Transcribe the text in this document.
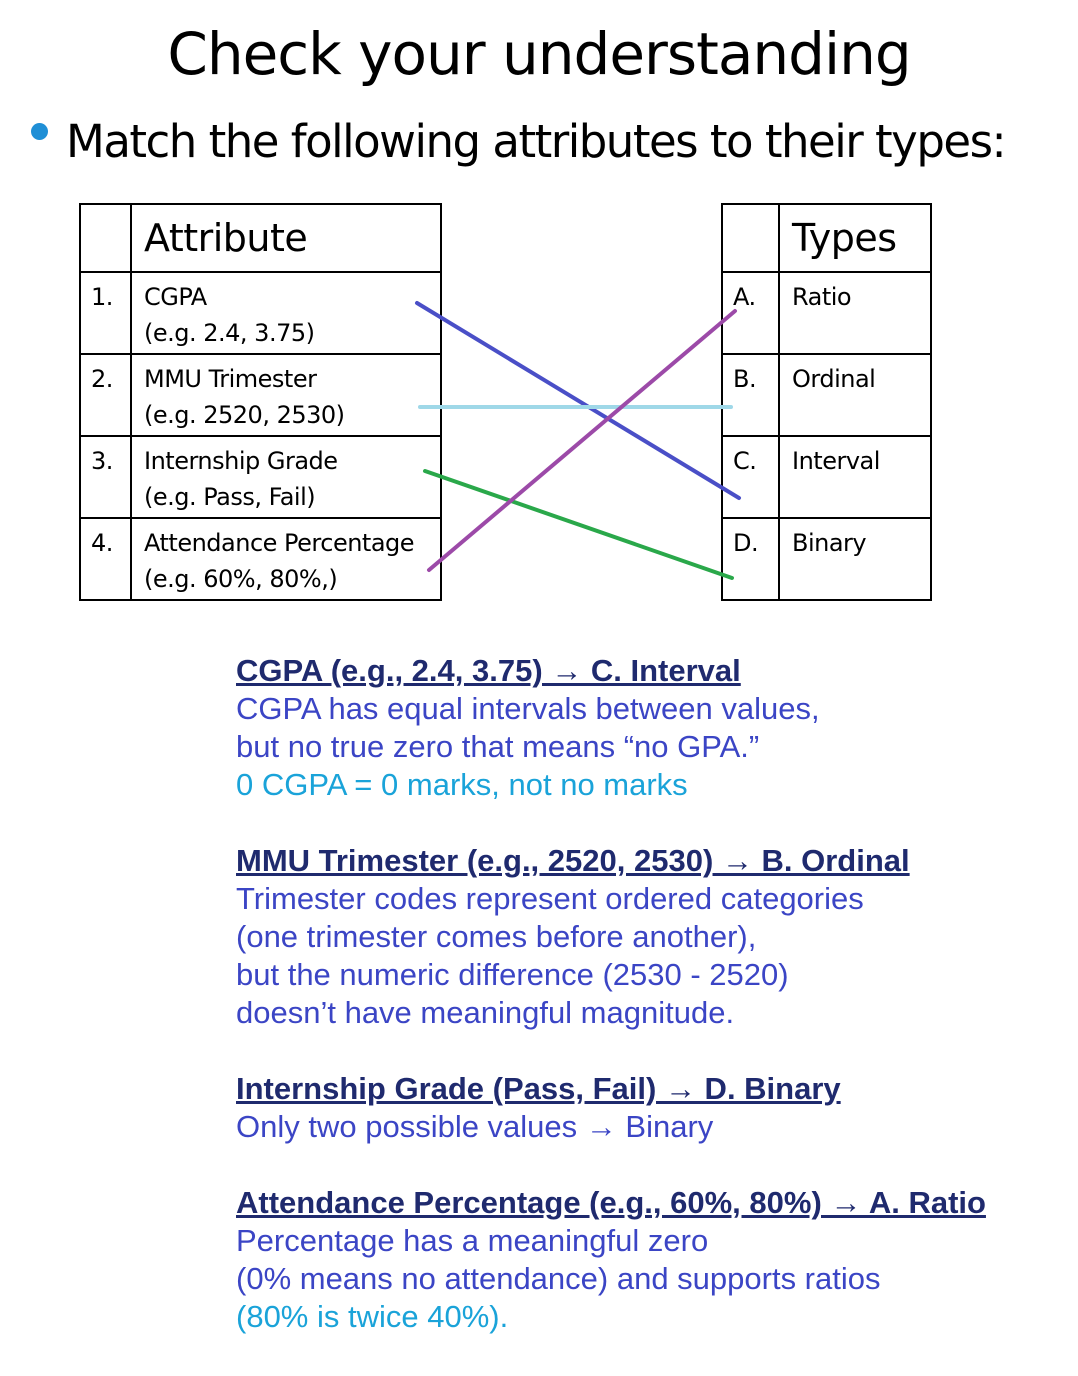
Check your understanding
Match the following attributes to their types:
	Attribute
1.	CGPA
(e.g. 2.4, 3.75)

2.	MMU Trimester
(e.g. 2520, 2530)

3.	Internship Grade
(e.g. Pass, Fail)

4.	Attendance Percentage
(e.g. 60%, 80%,)
	Types
A.	Ratio
B.	Ordinal
C.	Interval
D.	Binary
CGPA (e.g., 2.4, 3.75) → C. Interval
CGPA has equal intervals between values,
but no true zero that means “no GPA.”
0 CGPA = 0 marks, not no marks
MMU Trimester (e.g., 2520, 2530) → B. Ordinal
Trimester codes represent ordered categories
(one trimester comes before another),
but the numeric difference (2530 - 2520)
doesn’t have meaningful magnitude.
Internship Grade (Pass, Fail) → D. Binary
Only two possible values → Binary
Attendance Percentage (e.g., 60%, 80%) → A. Ratio
Percentage has a meaningful zero
(0% means no attendance) and supports ratios
(80% is twice 40%).
